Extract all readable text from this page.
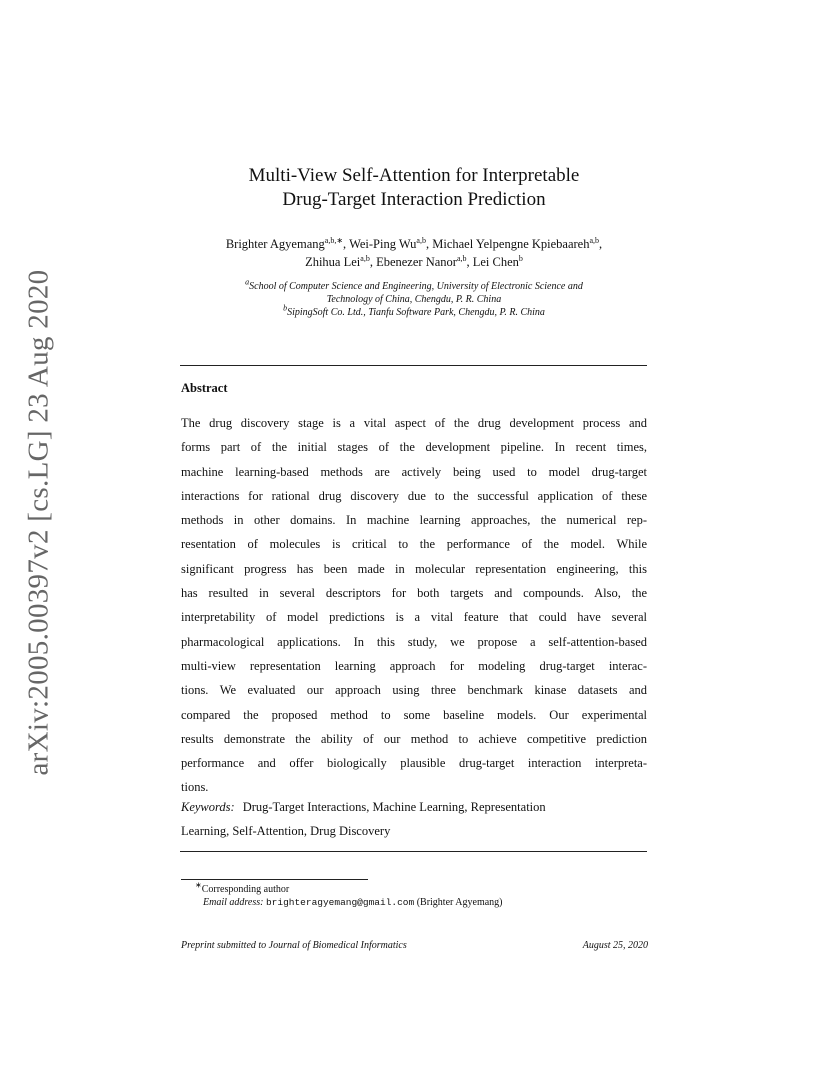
arXiv:2005.00397v2 [cs.LG] 23 Aug 2020
Multi-View Self-Attention for Interpretable
Drug-Target Interaction Prediction
Brighter Agyemang$^{a,b,∗}$, Wei-Ping Wu$^{a,b}$, Michael Yelpengne Kpiebaareh$^{a,b}$,
Zhihua Lei$^{a,b}$, Ebenezer Nanor$^{a,b}$, Lei Chen$^b$
$^a$School of Computer Science and Engineering, University of Electronic Science and
Technology of China, Chengdu, P. R. China
$^b$SipingSoft Co. Ltd., Tianfu Software Park, Chengdu, P. R. China
Abstract
The drug discovery stage is a vital aspect of the drug development process and
forms part of the initial stages of the development pipeline. In recent times,
machine learning-based methods are actively being used to model drug-target
interactions for rational drug discovery due to the successful application of these
methods in other domains. In machine learning approaches, the numerical rep-
resentation of molecules is critical to the performance of the model. While
significant progress has been made in molecular representation engineering, this
has resulted in several descriptors for both targets and compounds. Also, the
interpretability of model predictions is a vital feature that could have several
pharmacological applications. In this study, we propose a self-attention-based
multi-view representation learning approach for modeling drug-target interac-
tions. We evaluated our approach using three benchmark kinase datasets and
compared the proposed method to some baseline models. Our experimental
results demonstrate the ability of our method to achieve competitive prediction
performance and offer biologically plausible drug-target interaction interpreta-
tions.
Keywords: Drug-Target Interactions, Machine Learning, Representation
Learning, Self-Attention, Drug Discovery
∗Corresponding author
Email address: brighteragyemang@gmail.com (Brighter Agyemang)
Preprint submitted to Journal of Biomedical Informatics	August 25, 2020
